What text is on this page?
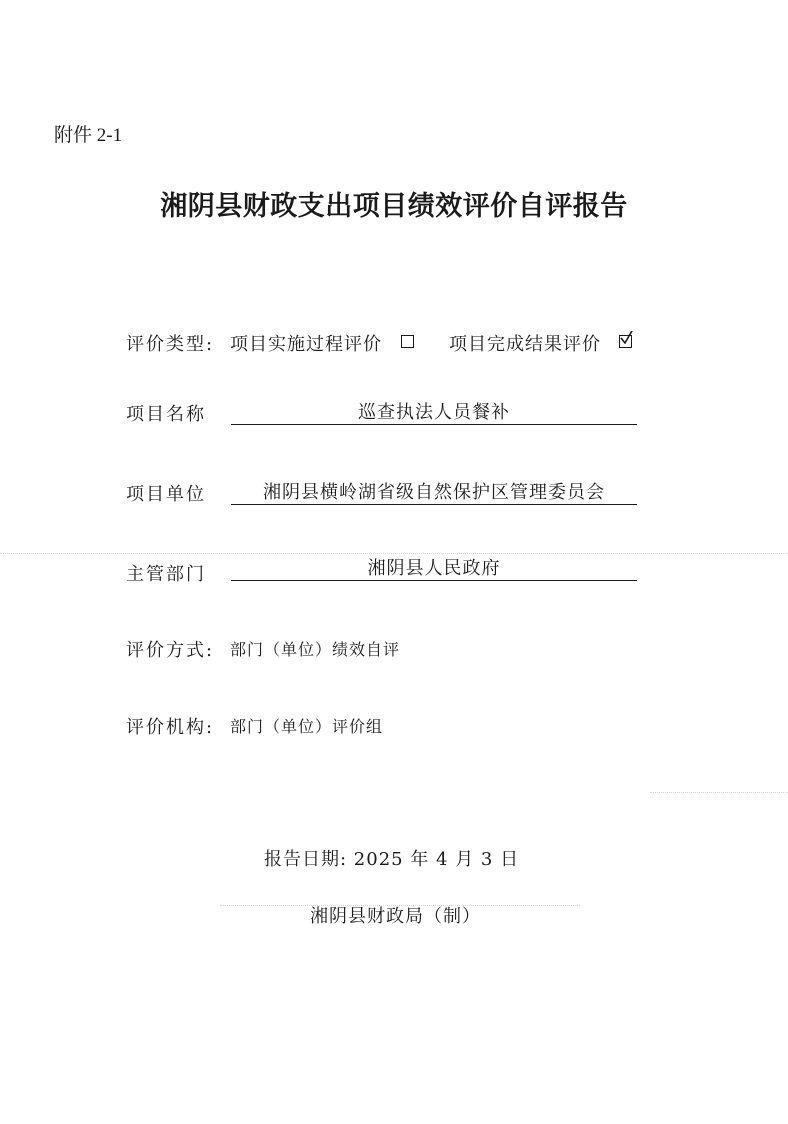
附件 2-1
湘阴县财政支出项目绩效评价自评报告
评价类型: 项目实施过程评价	项目完成结果评价
项目名称	巡查执法人员餐补
项目单位	湘阴县横岭湖省级自然保护区管理委员会
主管部门	湘阴县人民政府
评价方式: 部门（单位）绩效自评
评价机构: 部门（单位）评价组
报告日期: 2025 年 4 月 3 日
湘阴县财政局（制）
